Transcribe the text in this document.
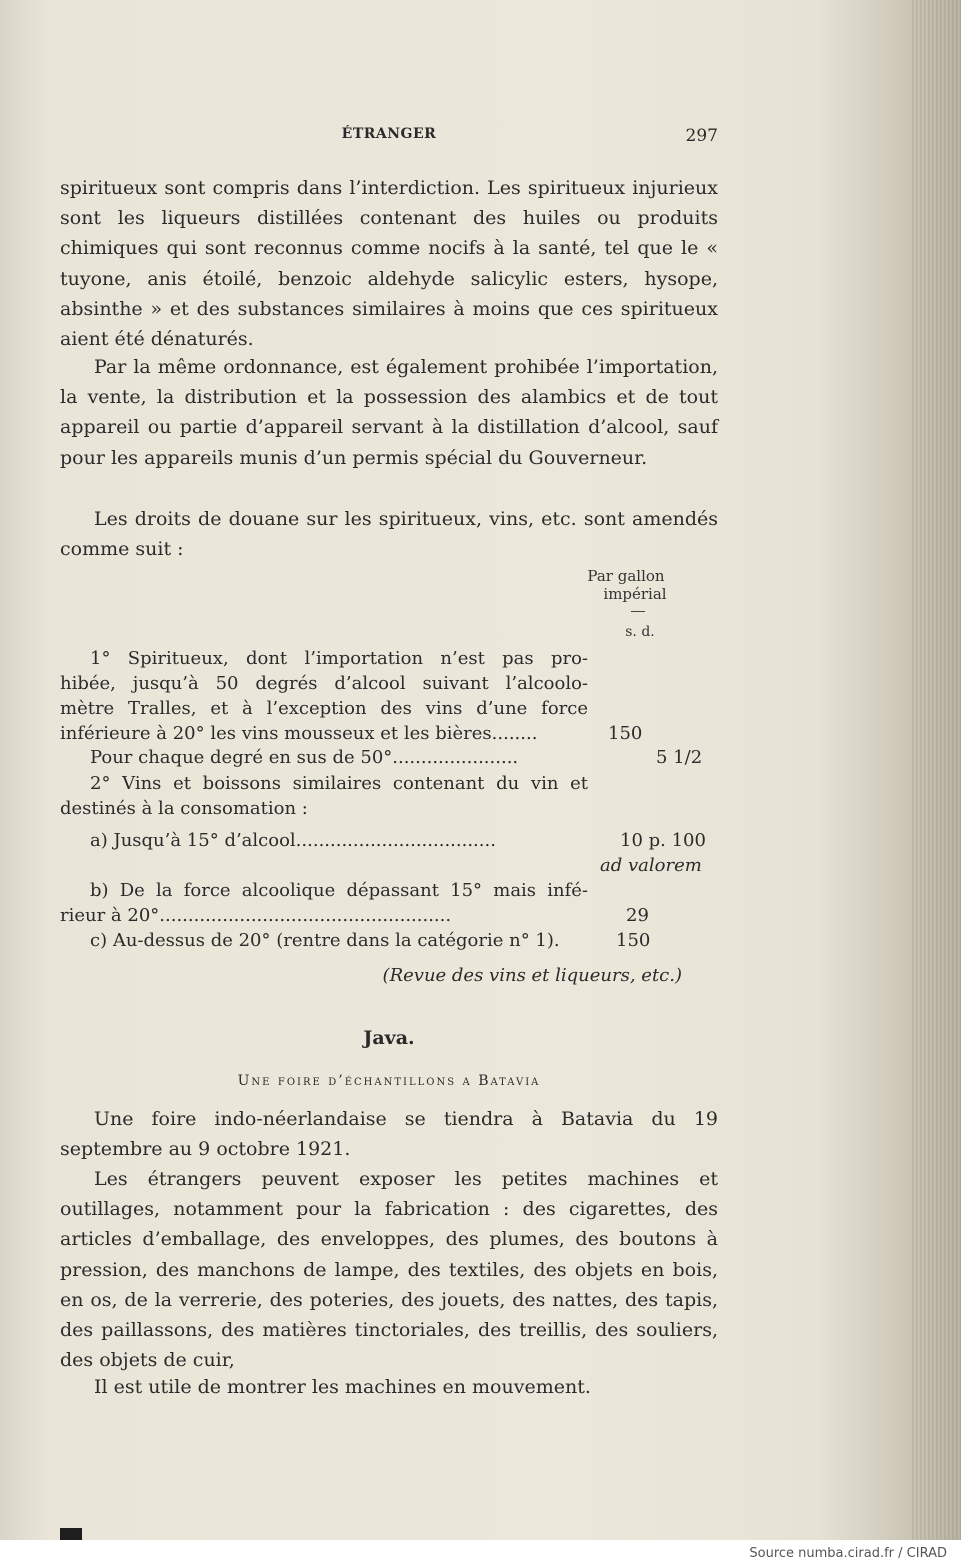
ÉTRANGER	297

spiritueux sont compris dans l’interdiction. Les spiritueux injurieux sont les liqueurs distillées contenant des huiles ou produits chimiques qui sont reconnus comme nocifs à la santé, tel que le « tuyone, anis étoilé, benzoic aldehyde salicylic esters, hysope, absinthe » et des substances similaires à moins que ces spiritueux aient été dénaturés.

Par la même ordonnance, est également prohibée l’importation, la vente, la distribution et la possession des alambics et de tout appareil ou partie d’appareil servant à la distillation d’alcool, sauf pour les appareils munis d’un permis spécial du Gouverneur.

Les droits de douane sur les spiritueux, vins, etc. sont amendés comme suit :

Par gallon
impérial
s. d.
1° Spiritueux, dont l’importation n’est pas pro-
hibée, jusqu’à 50 degrés d’alcool suivant l’alcoolo-
mètre Tralles, et à l’exception des vins d’une force
inférieure à 20° les vins mousseux et les bières........	150
Pour chaque degré en sus de 50°......................	5 1/2
2° Vins et boissons similaires contenant du vin et
destinés à la consomation :
a) Jusqu’à 15° d’alcool...................................	10 p. 100
ad valorem
b) De la force alcoolique dépassant 15° mais infé-
rieur à 20°...................................................	29
c) Au-dessus de 20° (rentre dans la catégorie n° 1).	150
(Revue des vins et liqueurs, etc.)
Java.
Une foire d’échantillons a Batavia

Une foire indo-néerlandaise se tiendra à Batavia du 19 septembre au 9 octobre 1921.

Les étrangers peuvent exposer les petites machines et outillages, notamment pour la fabrication : des cigarettes, des articles d’emballage, des enveloppes, des plumes, des boutons à pression, des manchons de lampe, des textiles, des objets en bois, en os, de la verrerie, des poteries, des jouets, des nattes, des tapis, des paillassons, des matières tinctoriales, des treillis, des souliers, des objets de cuir,

Il est utile de montrer les machines en mouvement.

Source numba.cirad.fr / CIRAD
